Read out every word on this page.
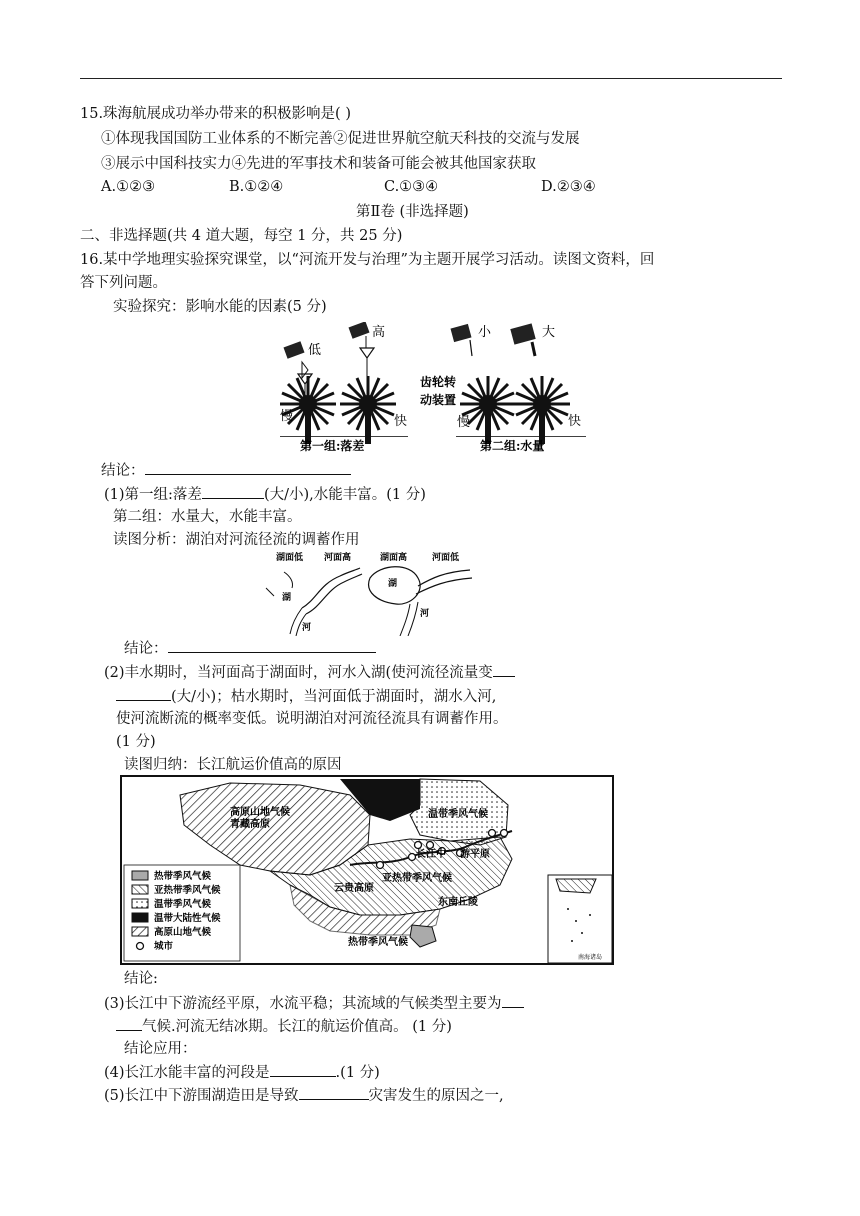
15.珠海航展成功举办带来的积极影响是( )
①体现我国国防工业体系的不断完善②促进世界航空航天科技的交流与发展
③展示中国科技实力④先进的军事技术和装备可能会被其他国家获取
A.①②③	B.①②④	C.①③④	D.②③④
第Ⅱ卷 (非选择题)
二、非选择题(共 4 道大题，每空 1 分，共 25 分)
16.某中学地理实验探究课堂，以“河流开发与治理”为主题开展学习活动。读图文资料，回
答下列问题。
实验探究：影响水能的因素(5 分)
低
高
慢	快
第一组:落差
齿轮转
动装置
小	大
慢	快
第二组:水量
结论：
(1)第一组:落差	(大/小),水能丰富。(1 分)
第二组：水量大，水能丰富。
读图分析：湖泊对河流径流的调蓄作用
湖面低 河面高	湖面高	河面低
湖
河
湖
河
结论：
(2)丰水期时，当河面高于湖面时，河水入湖(使河流径流量变
(大/小)；枯水期时，当河面低于湖面时，湖水入河,
使河流断流的概率变低。说明湖泊对河流径流具有调蓄作用。
(1 分)
读图归纳：长江航运价值高的原因
高原山地气候
青藏高原
温带季风气候
亚热带季风气候
长江中 游平原
云贵高原
东南丘陵
热带季风气候
热带季风气候
亚热带季风气候
温带季风气候
温带大陆性气候
高原山地气候
城市
南海诸岛
结论:
(3)长江中下游流经平原，水流平稳；其流域的气候类型主要为
气候.河流无结冰期。长江的航运价值高。 (1 分)
结论应用：
(4)长江水能丰富的河段是	.(1 分)
(5)长江中下游围湖造田是导致	灾害发生的原因之一,
